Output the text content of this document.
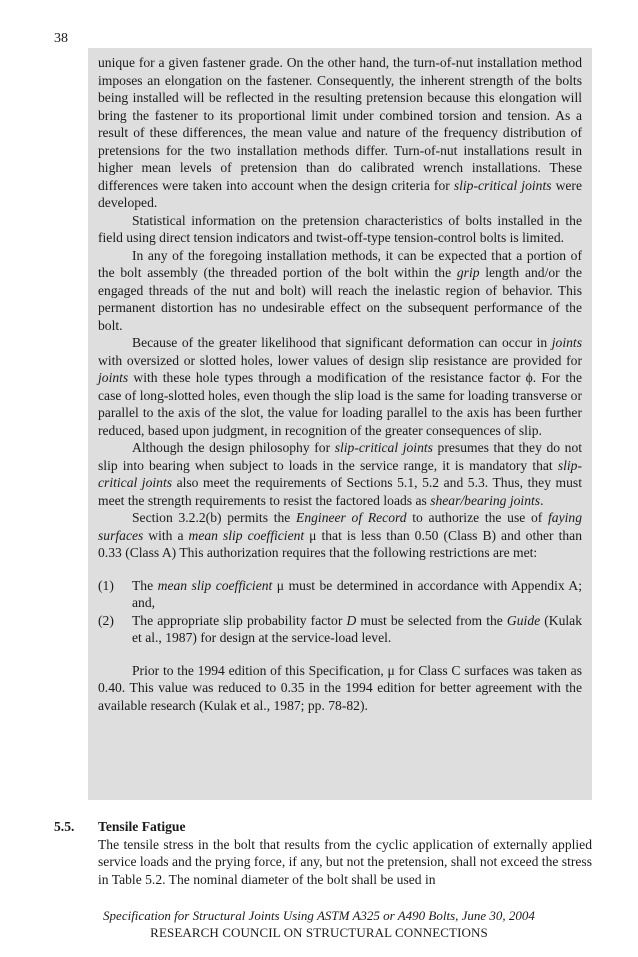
38

unique for a given fastener grade. On the other hand, the turn-of-nut installation method imposes an elongation on the fastener. Consequently, the inherent strength of the bolts being installed will be reflected in the resulting pretension because this elongation will bring the fastener to its proportional limit under combined torsion and tension. As a result of these differences, the mean value and nature of the frequency distribution of pretensions for the two installation methods differ. Turn-of-nut installations result in higher mean levels of pretension than do calibrated wrench installations. These differences were taken into account when the design criteria for slip-critical joints were developed.

Statistical information on the pretension characteristics of bolts installed in the field using direct tension indicators and twist-off-type tension-control bolts is limited.

In any of the foregoing installation methods, it can be expected that a portion of the bolt assembly (the threaded portion of the bolt within the grip length and/or the engaged threads of the nut and bolt) will reach the inelastic region of behavior. This permanent distortion has no undesirable effect on the subsequent performance of the bolt.

Because of the greater likelihood that significant deformation can occur in joints with oversized or slotted holes, lower values of design slip resistance are provided for joints with these hole types through a modification of the resistance factor ϕ. For the case of long-slotted holes, even though the slip load is the same for loading transverse or parallel to the axis of the slot, the value for loading parallel to the axis has been further reduced, based upon judgment, in recognition of the greater consequences of slip.

Although the design philosophy for slip-critical joints presumes that they do not slip into bearing when subject to loads in the service range, it is mandatory that slip-critical joints also meet the requirements of Sections 5.1, 5.2 and 5.3. Thus, they must meet the strength requirements to resist the factored loads as shear/bearing joints.

Section 3.2.2(b) permits the Engineer of Record to authorize the use of faying surfaces with a mean slip coefficient μ that is less than 0.50 (Class B) and other than 0.33 (Class A) This authorization requires that the following restrictions are met:

(1)	The mean slip coefficient μ must be determined in accordance with Appendix A; and,
(2)	The appropriate slip probability factor D must be selected from the Guide (Kulak et al., 1987) for design at the service-load level.

Prior to the 1994 edition of this Specification, μ for Class C surfaces was taken as 0.40. This value was reduced to 0.35 in the 1994 edition for better agreement with the available research (Kulak et al., 1987; pp. 78-82).

5.5.	Tensile Fatigue

The tensile stress in the bolt that results from the cyclic application of externally applied service loads and the prying force, if any, but not the pretension, shall not exceed the stress in Table 5.2. The nominal diameter of the bolt shall be used in

Specification for Structural Joints Using ASTM A325 or A490 Bolts, June 30, 2004
RESEARCH COUNCIL ON STRUCTURAL CONNECTIONS
